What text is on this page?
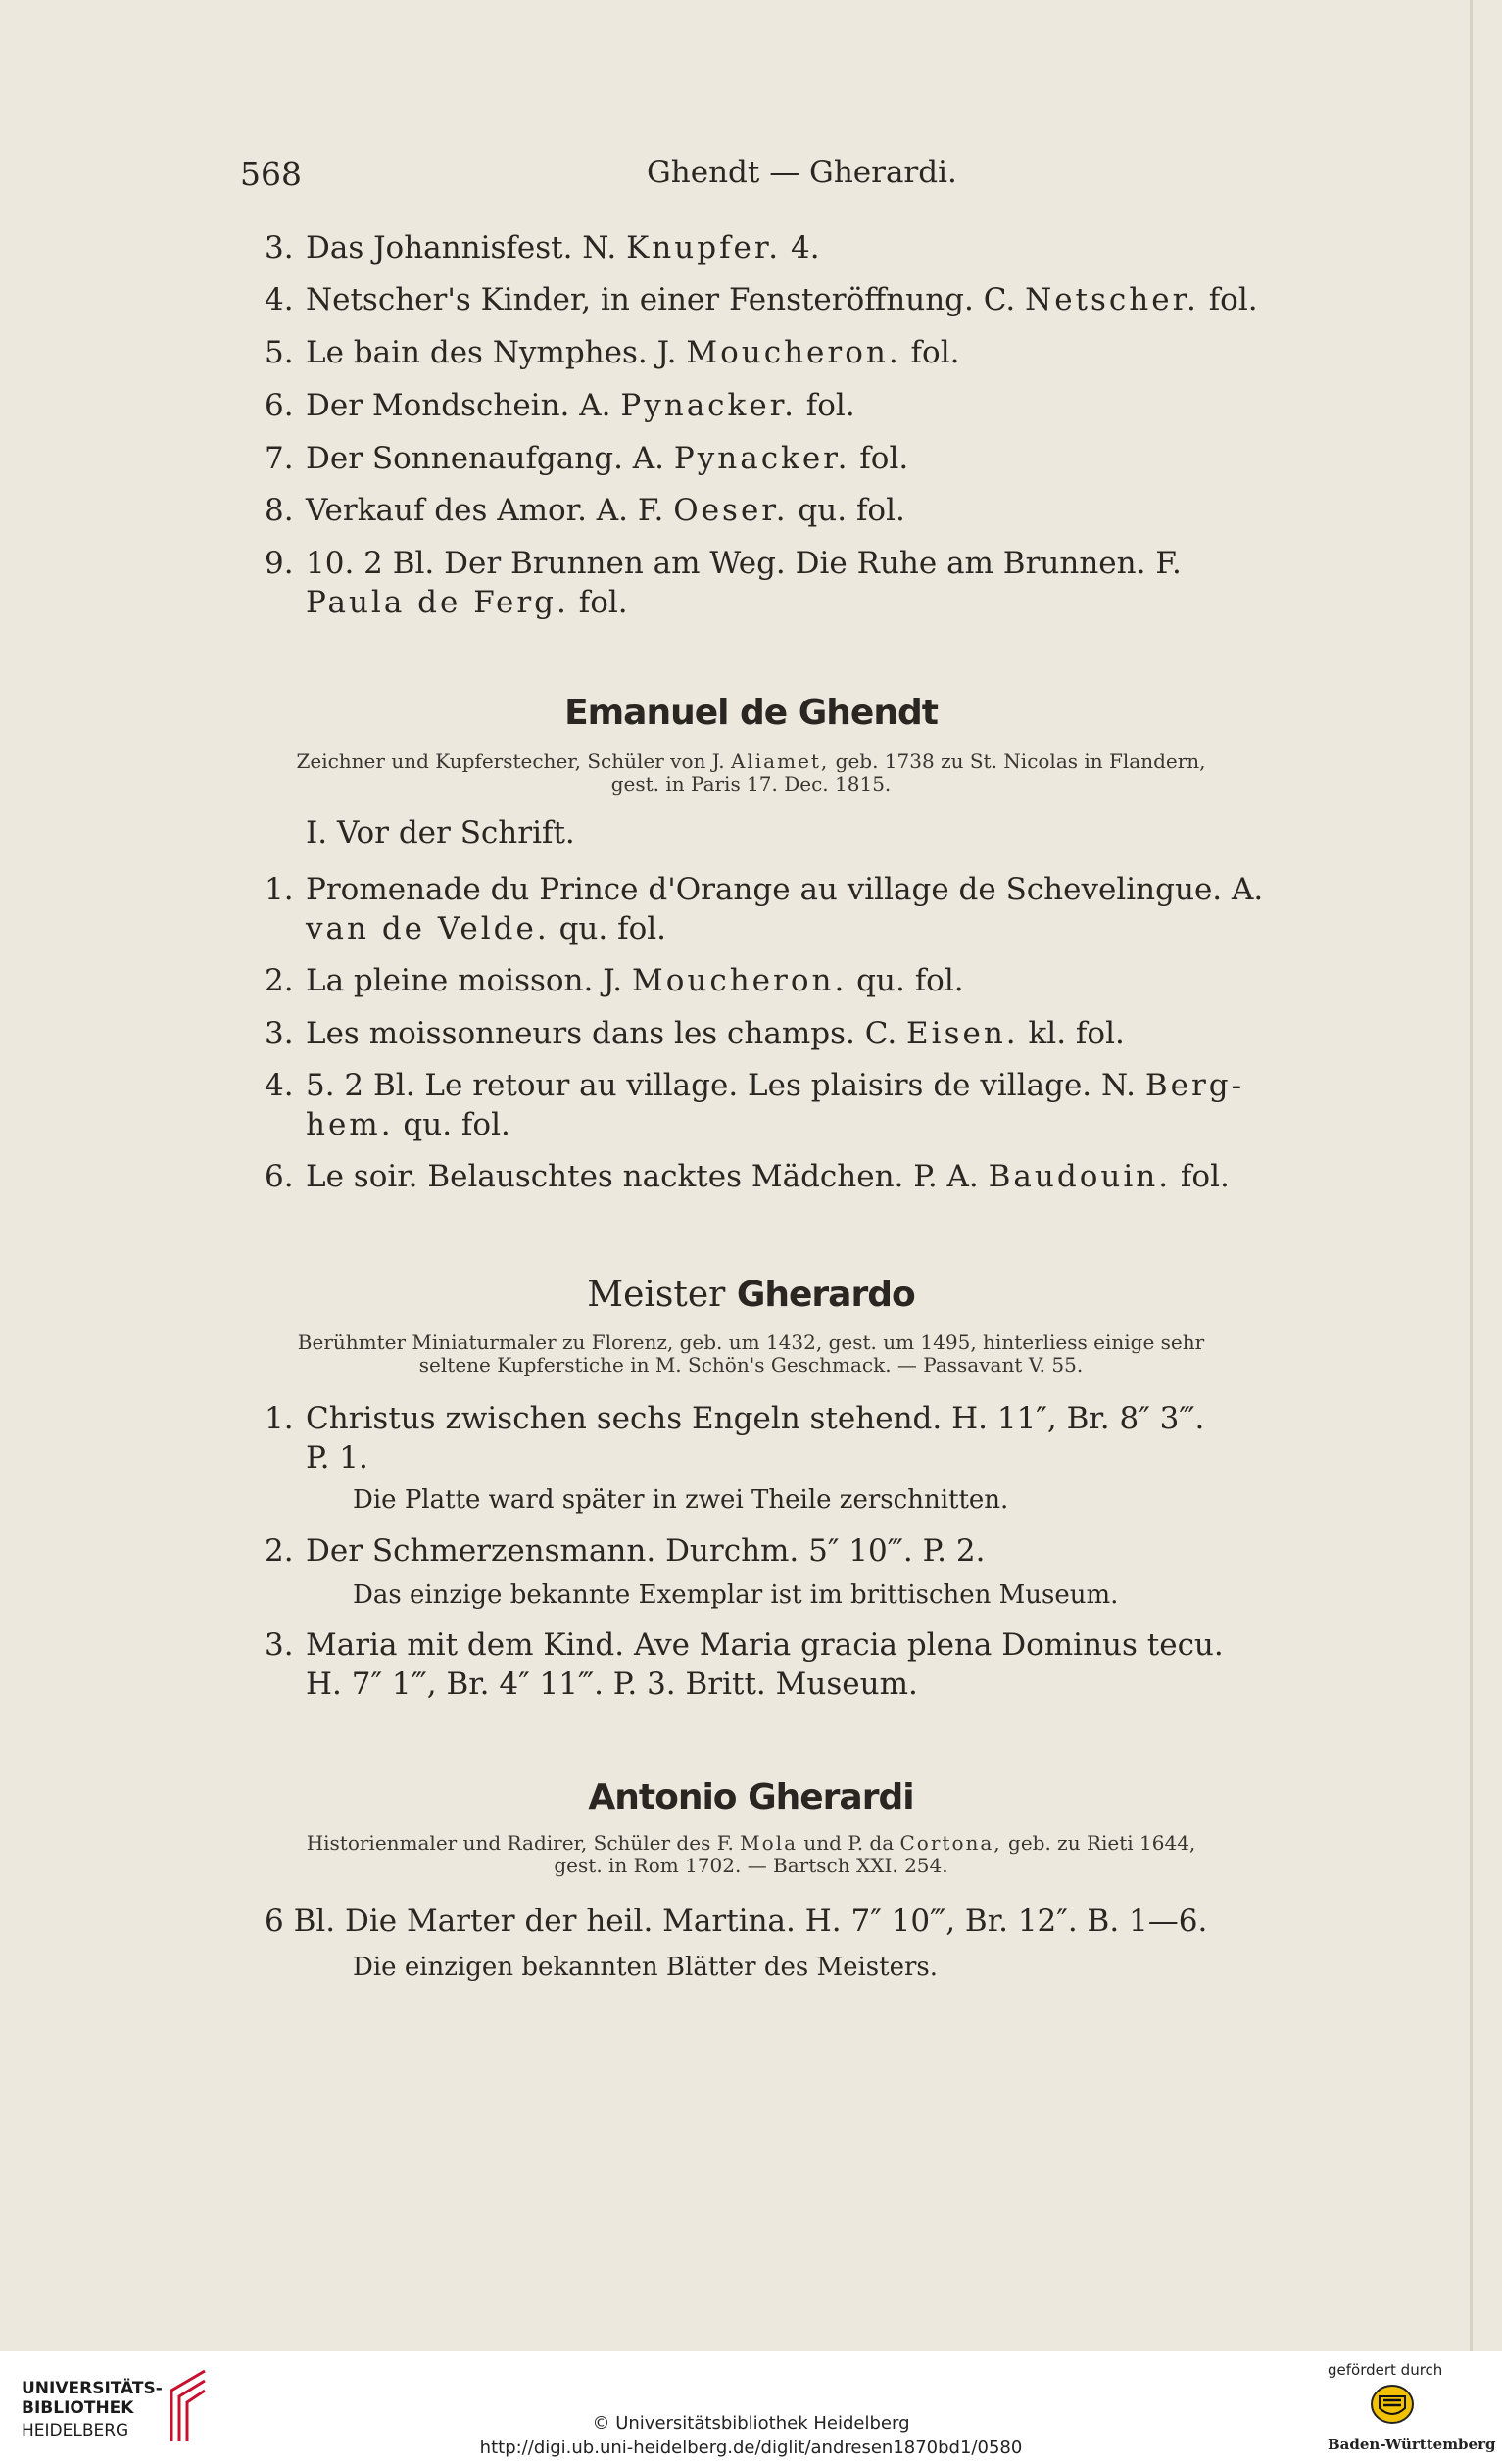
568	Ghendt — Gherardi.
3. Das Johannisfest. N. Knupfer. 4.
4. Netscher's Kinder, in einer Fensteröffnung. C. Netscher. fol.
5. Le bain des Nymphes. J. Moucheron. fol.
6. Der Mondschein. A. Pynacker. fol.
7. Der Sonnenaufgang. A. Pynacker. fol.
8. Verkauf des Amor. A. F. Oeser. qu. fol.
9. 10. 2 Bl. Der Brunnen am Weg. Die Ruhe am Brunnen. F.
Paula de Ferg. fol.
Emanuel de Ghendt
Zeichner und Kupferstecher, Schüler von J. Aliamet, geb. 1738 zu St. Nicolas in Flandern,
gest. in Paris 17. Dec. 1815.
I. Vor der Schrift.
1. Promenade du Prince d'Orange au village de Schevelingue. A.
van de Velde. qu. fol.
2. La pleine moisson. J. Moucheron. qu. fol.
3. Les moissonneurs dans les champs. C. Eisen. kl. fol.
4. 5. 2 Bl. Le retour au village. Les plaisirs de village. N. Berg-
hem. qu. fol.
6. Le soir. Belauschtes nacktes Mädchen. P. A. Baudouin. fol.
Meister Gherardo
Berühmter Miniaturmaler zu Florenz, geb. um 1432, gest. um 1495, hinterliess einige sehr
seltene Kupferstiche in M. Schön's Geschmack. — Passavant V. 55.
1. Christus zwischen sechs Engeln stehend. H. 11″, Br. 8″ 3‴.
P. 1.
Die Platte ward später in zwei Theile zerschnitten.
2. Der Schmerzensmann. Durchm. 5″ 10‴. P. 2.
Das einzige bekannte Exemplar ist im brittischen Museum.
3. Maria mit dem Kind. Ave Maria gracia plena Dominus tecu.
H. 7″ 1‴, Br. 4″ 11‴. P. 3. Britt. Museum.
Antonio Gherardi
Historienmaler und Radirer, Schüler des F. Mola und P. da Cortona, geb. zu Rieti 1644,
gest. in Rom 1702. — Bartsch XXI. 254.
6 Bl. Die Marter der heil. Martina. H. 7″ 10‴, Br. 12″. B. 1—6.
Die einzigen bekannten Blätter des Meisters.
UNIVERSITÄTS-
BIBLIOTHEK
HEIDELBERG	© Universitätsbibliothek Heidelberg
http://digi.ub.uni-heidelberg.de/diglit/andresen1870bd1/0580
gefördert durch
Baden-Württemberg
